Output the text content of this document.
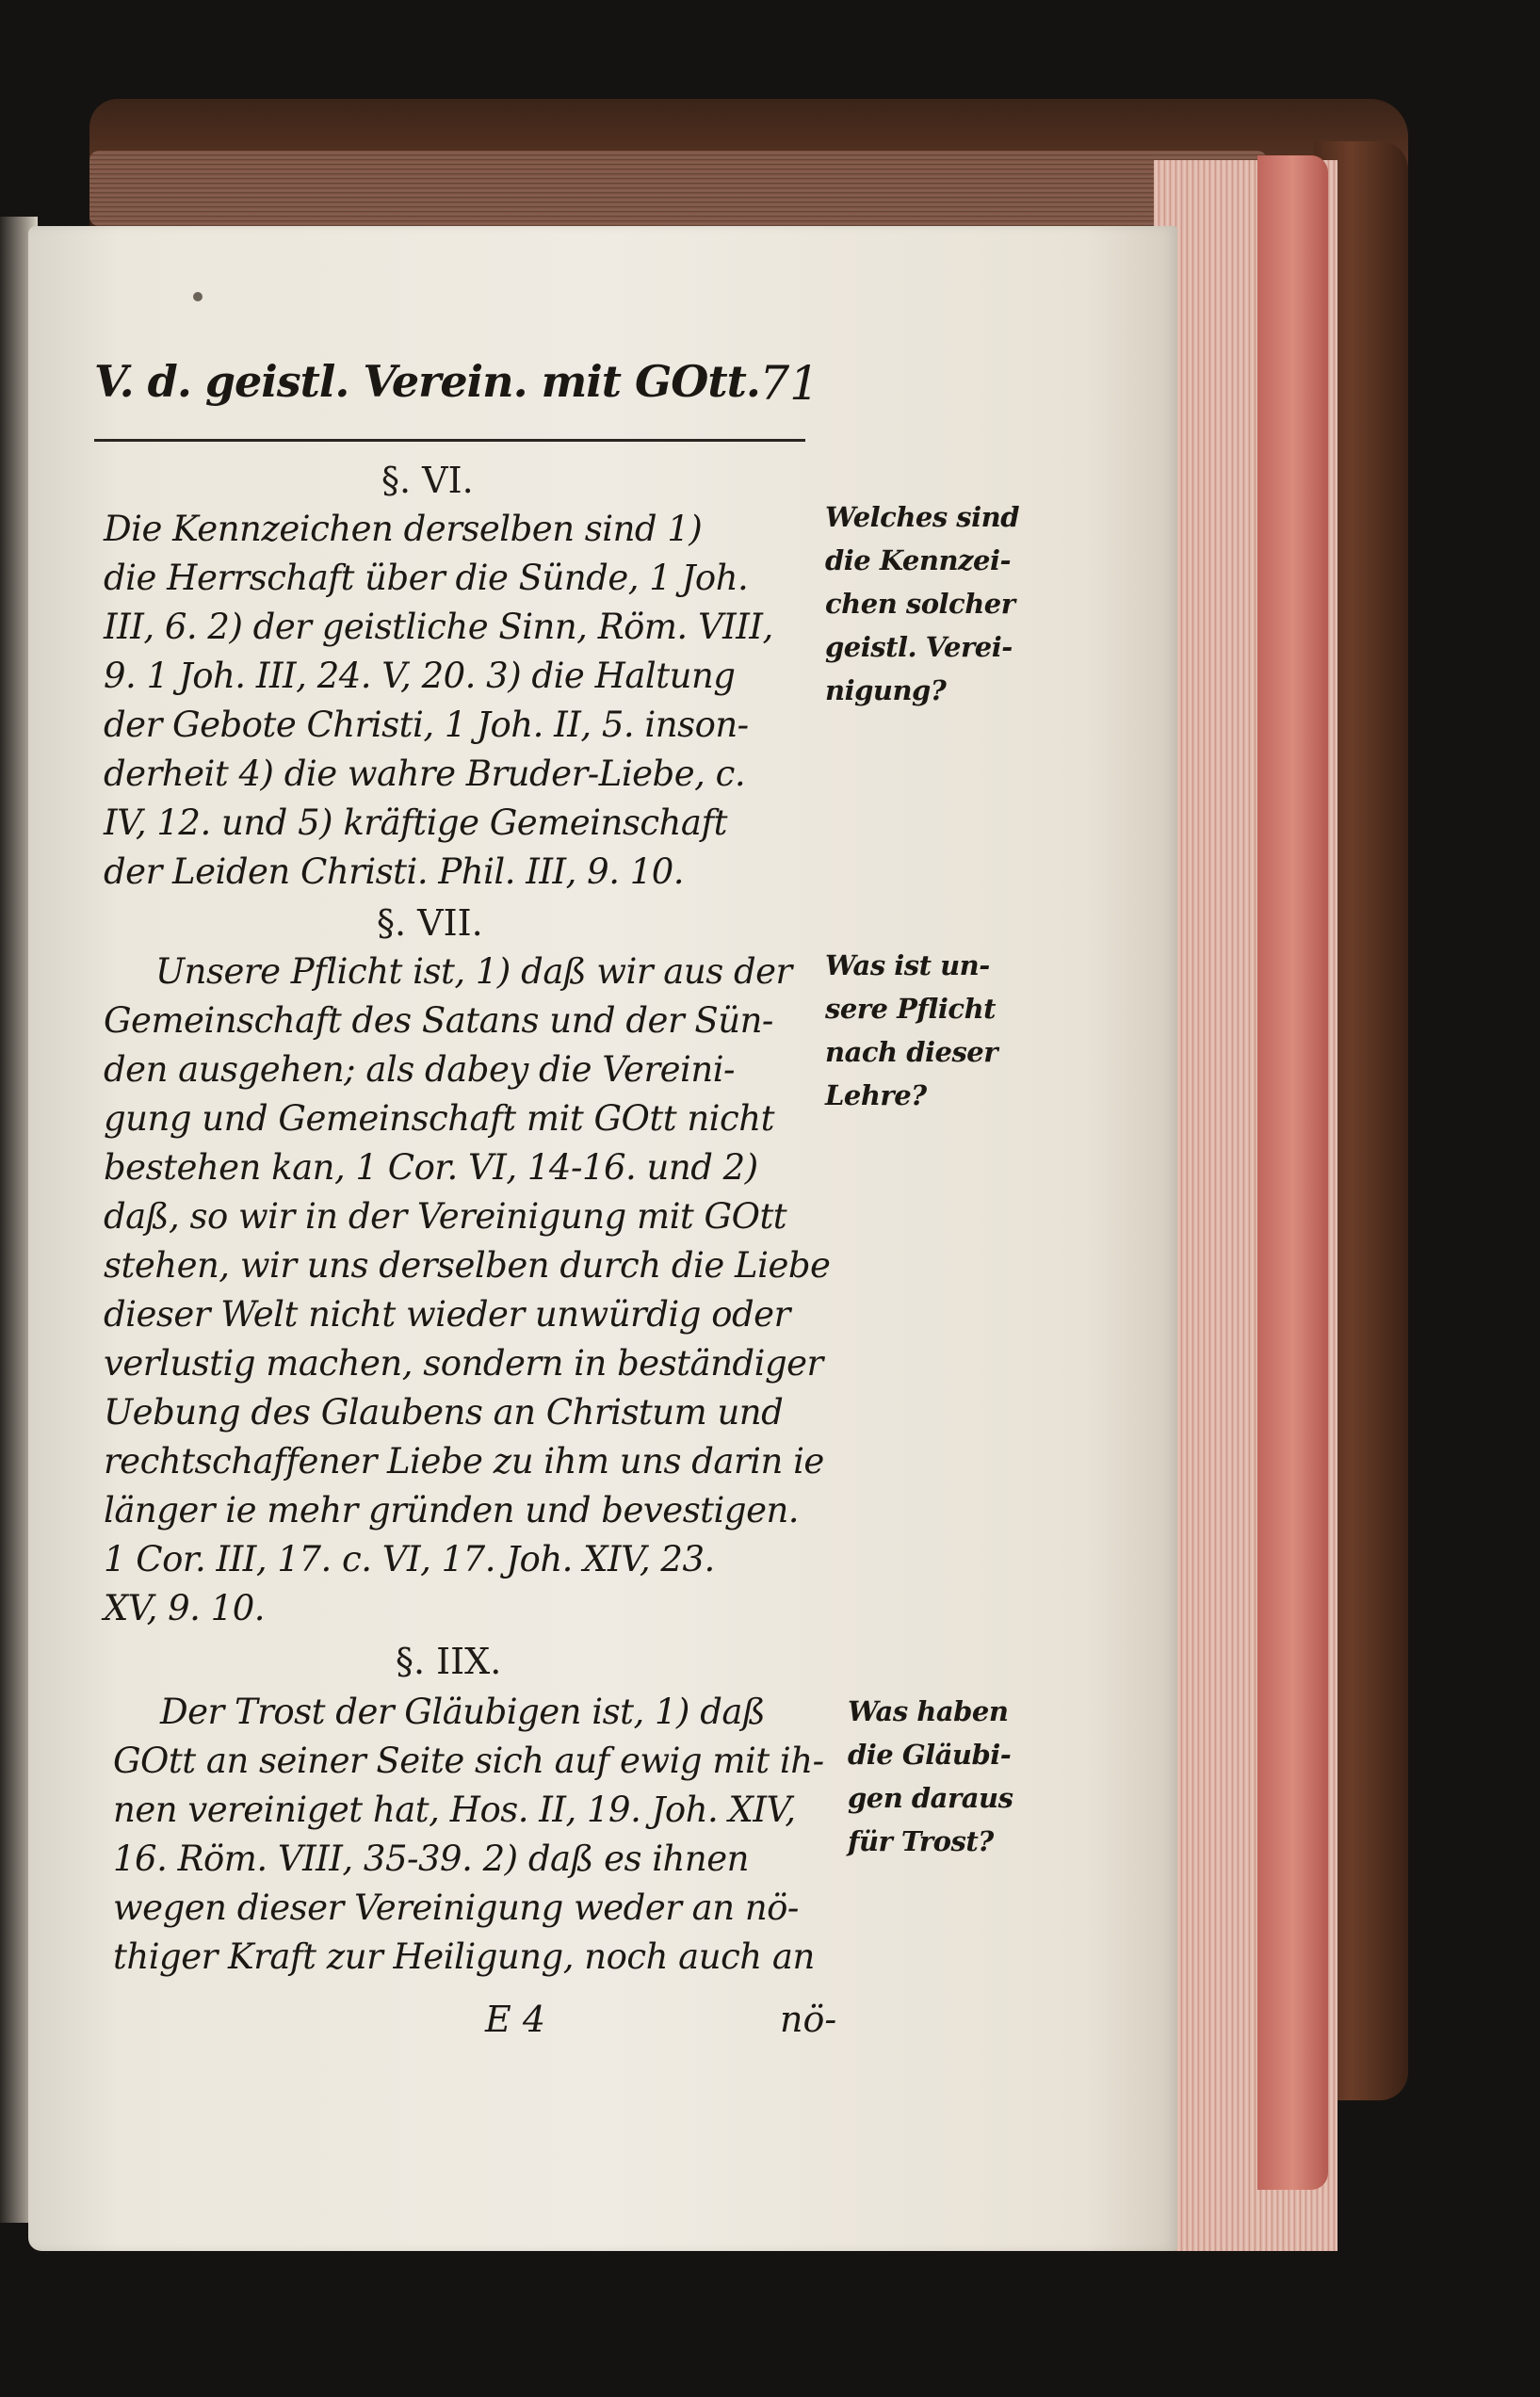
V. d. geistl. Verein. mit GOtt. 71
§. VI.
Die Kennzeichen derselben sind 1)
die Herrschaft über die Sünde, 1 Joh.
III, 6. 2) der geistliche Sinn, Röm. VIII,
9. 1 Joh. III, 24. V, 20. 3) die Haltung
der Gebote Christi, 1 Joh. II, 5. inson-
derheit 4) die wahre Bruder-Liebe, c.
IV, 12. und 5) kräftige Gemeinschaft
der Leiden Christi. Phil. III, 9. 10.
Welches sind
die Kennzei-
chen solcher
geistl. Verei-
nigung?
§. VII.
Unsere Pflicht ist, 1) daß wir aus der
Gemeinschaft des Satans und der Sün-
den ausgehen; als dabey die Vereini-
gung und Gemeinschaft mit GOtt nicht
bestehen kan, 1 Cor. VI, 14-16. und 2)
daß, so wir in der Vereinigung mit GOtt
stehen, wir uns derselben durch die Liebe
dieser Welt nicht wieder unwürdig oder
verlustig machen, sondern in beständiger
Uebung des Glaubens an Christum und
rechtschaffener Liebe zu ihm uns darin ie
länger ie mehr gründen und bevestigen.
1 Cor. III, 17. c. VI, 17. Joh. XIV, 23.
XV, 9. 10.
Was ist un-
sere Pflicht
nach dieser
Lehre?
§. IIX.
Der Trost der Gläubigen ist, 1) daß
GOtt an seiner Seite sich auf ewig mit ih-
nen vereiniget hat, Hos. II, 19. Joh. XIV,
16. Röm. VIII, 35-39. 2) daß es ihnen
wegen dieser Vereinigung weder an nö-
thiger Kraft zur Heiligung, noch auch an
Was haben
die Gläubi-
gen daraus
für Trost?
E 4	nö-
